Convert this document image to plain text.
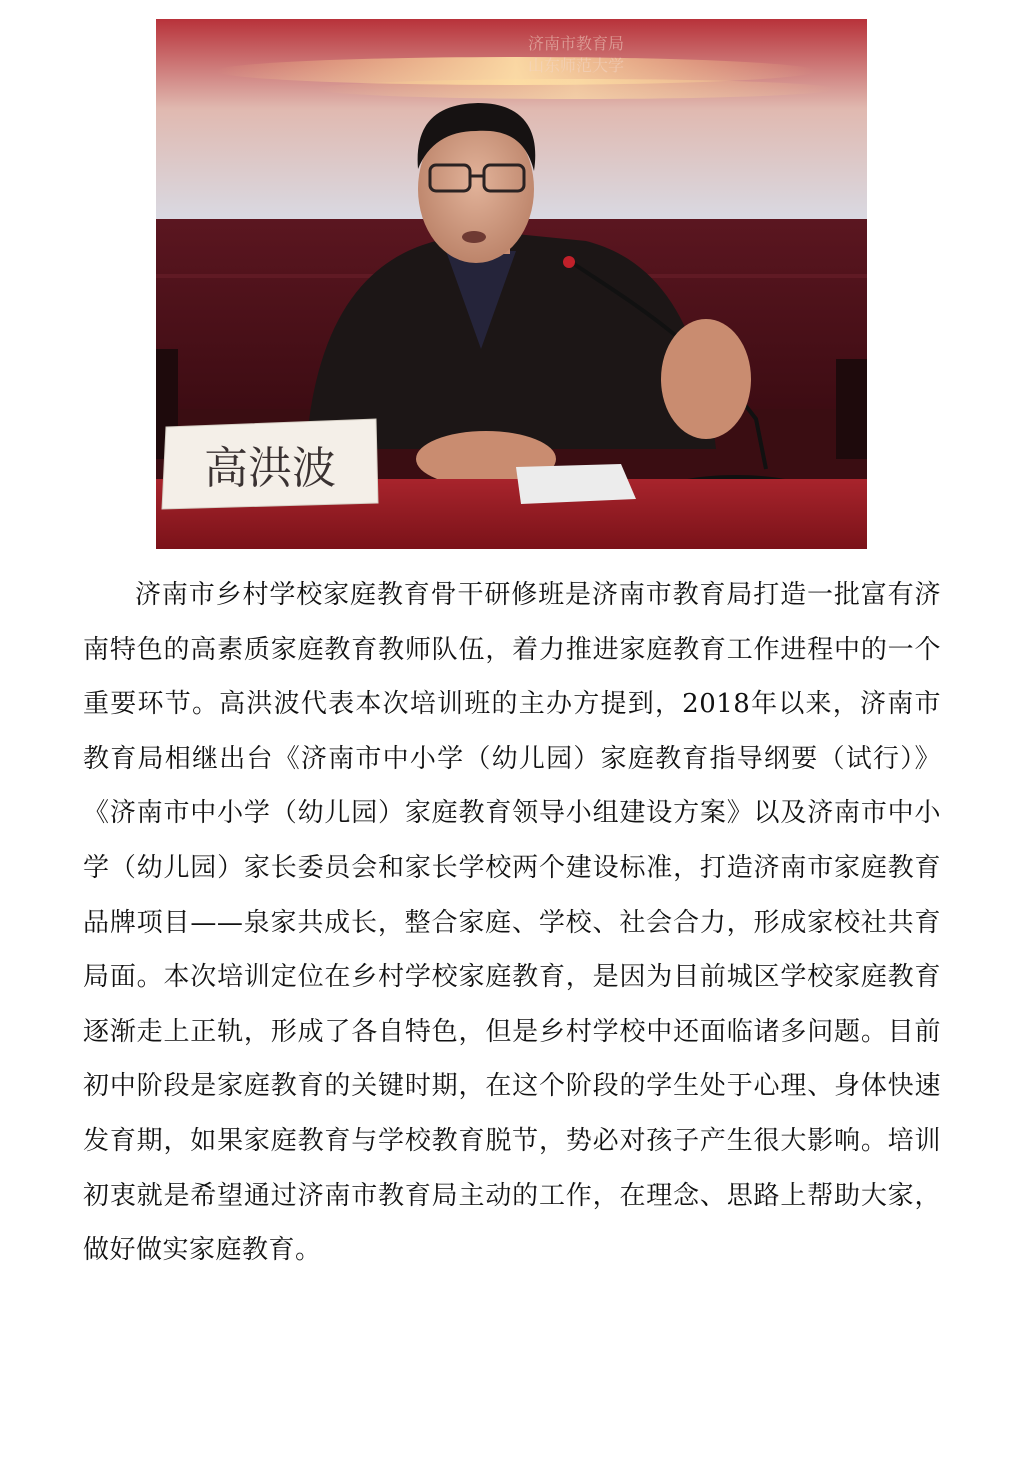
济南市教育局
山东师范大学
高洪波

济南市乡村学校家庭教育骨干研修班是济南市教育局打造一批富有济南特色的高素质家庭教育教师队伍，着力推进家庭教育工作进程中的一个重要环节。高洪波代表本次培训班的主办方提到，2018年以来，济南市教育局相继出台《济南市中小学（幼儿园）家庭教育指导纲要（试行）》《济南市中小学（幼儿园）家庭教育领导小组建设方案》以及济南市中小学（幼儿园）家长委员会和家长学校两个建设标准，打造济南市家庭教育品牌项目——泉家共成长，整合家庭、学校、社会合力，形成家校社共育局面。本次培训定位在乡村学校家庭教育，是因为目前城区学校家庭教育逐渐走上正轨，形成了各自特色，但是乡村学校中还面临诸多问题。目前初中阶段是家庭教育的关键时期，在这个阶段的学生处于心理、身体快速发育期，如果家庭教育与学校教育脱节，势必对孩子产生很大影响。培训初衷就是希望通过济南市教育局主动的工作，在理念、思路上帮助大家，做好做实家庭教育。
